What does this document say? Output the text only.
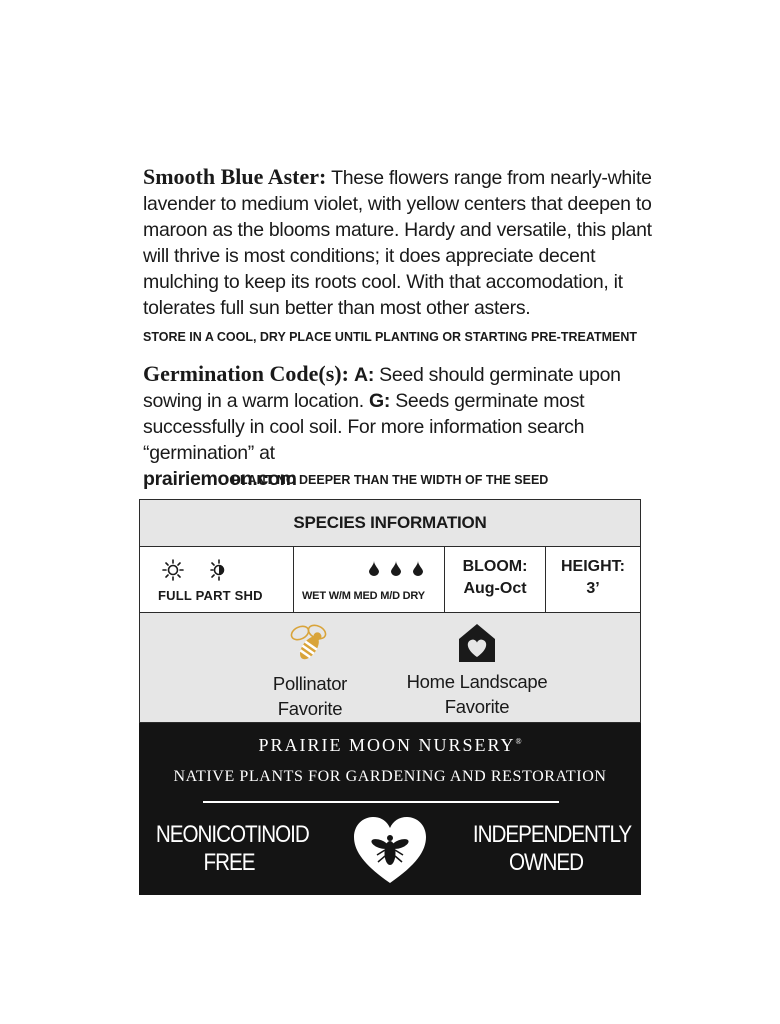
Smooth Blue Aster: These flowers range from nearly-white lavender to medium violet, with yellow centers that deepen to maroon as the blooms mature. Hardy and versatile, this plant will thrive is most conditions; it does appreciate decent mulching to keep its roots cool. With that accomodation, it tolerates full sun better than most other asters.
STORE IN A COOL, DRY PLACE UNTIL PLANTING OR STARTING PRE-TREATMENT
Germination Code(s): A: Seed should germinate upon sowing in a warm location. G: Seeds germinate most successfully in cool soil. For more information search “germination” at
prairiemoon.com
PLANT NO DEEPER THAN THE WIDTH OF THE SEED
SPECIES INFORMATION
FULL PART SHD	WET W/M MED M/D DRY
BLOOM:
Aug-Oct
HEIGHT:
3’
Pollinator
Favorite
Home Landscape
Favorite
PRAIRIE MOON NURSERY®
NATIVE PLANTS FOR GARDENING AND RESTORATION
NEONICOTINOID
FREE
INDEPENDENTLY
OWNED
